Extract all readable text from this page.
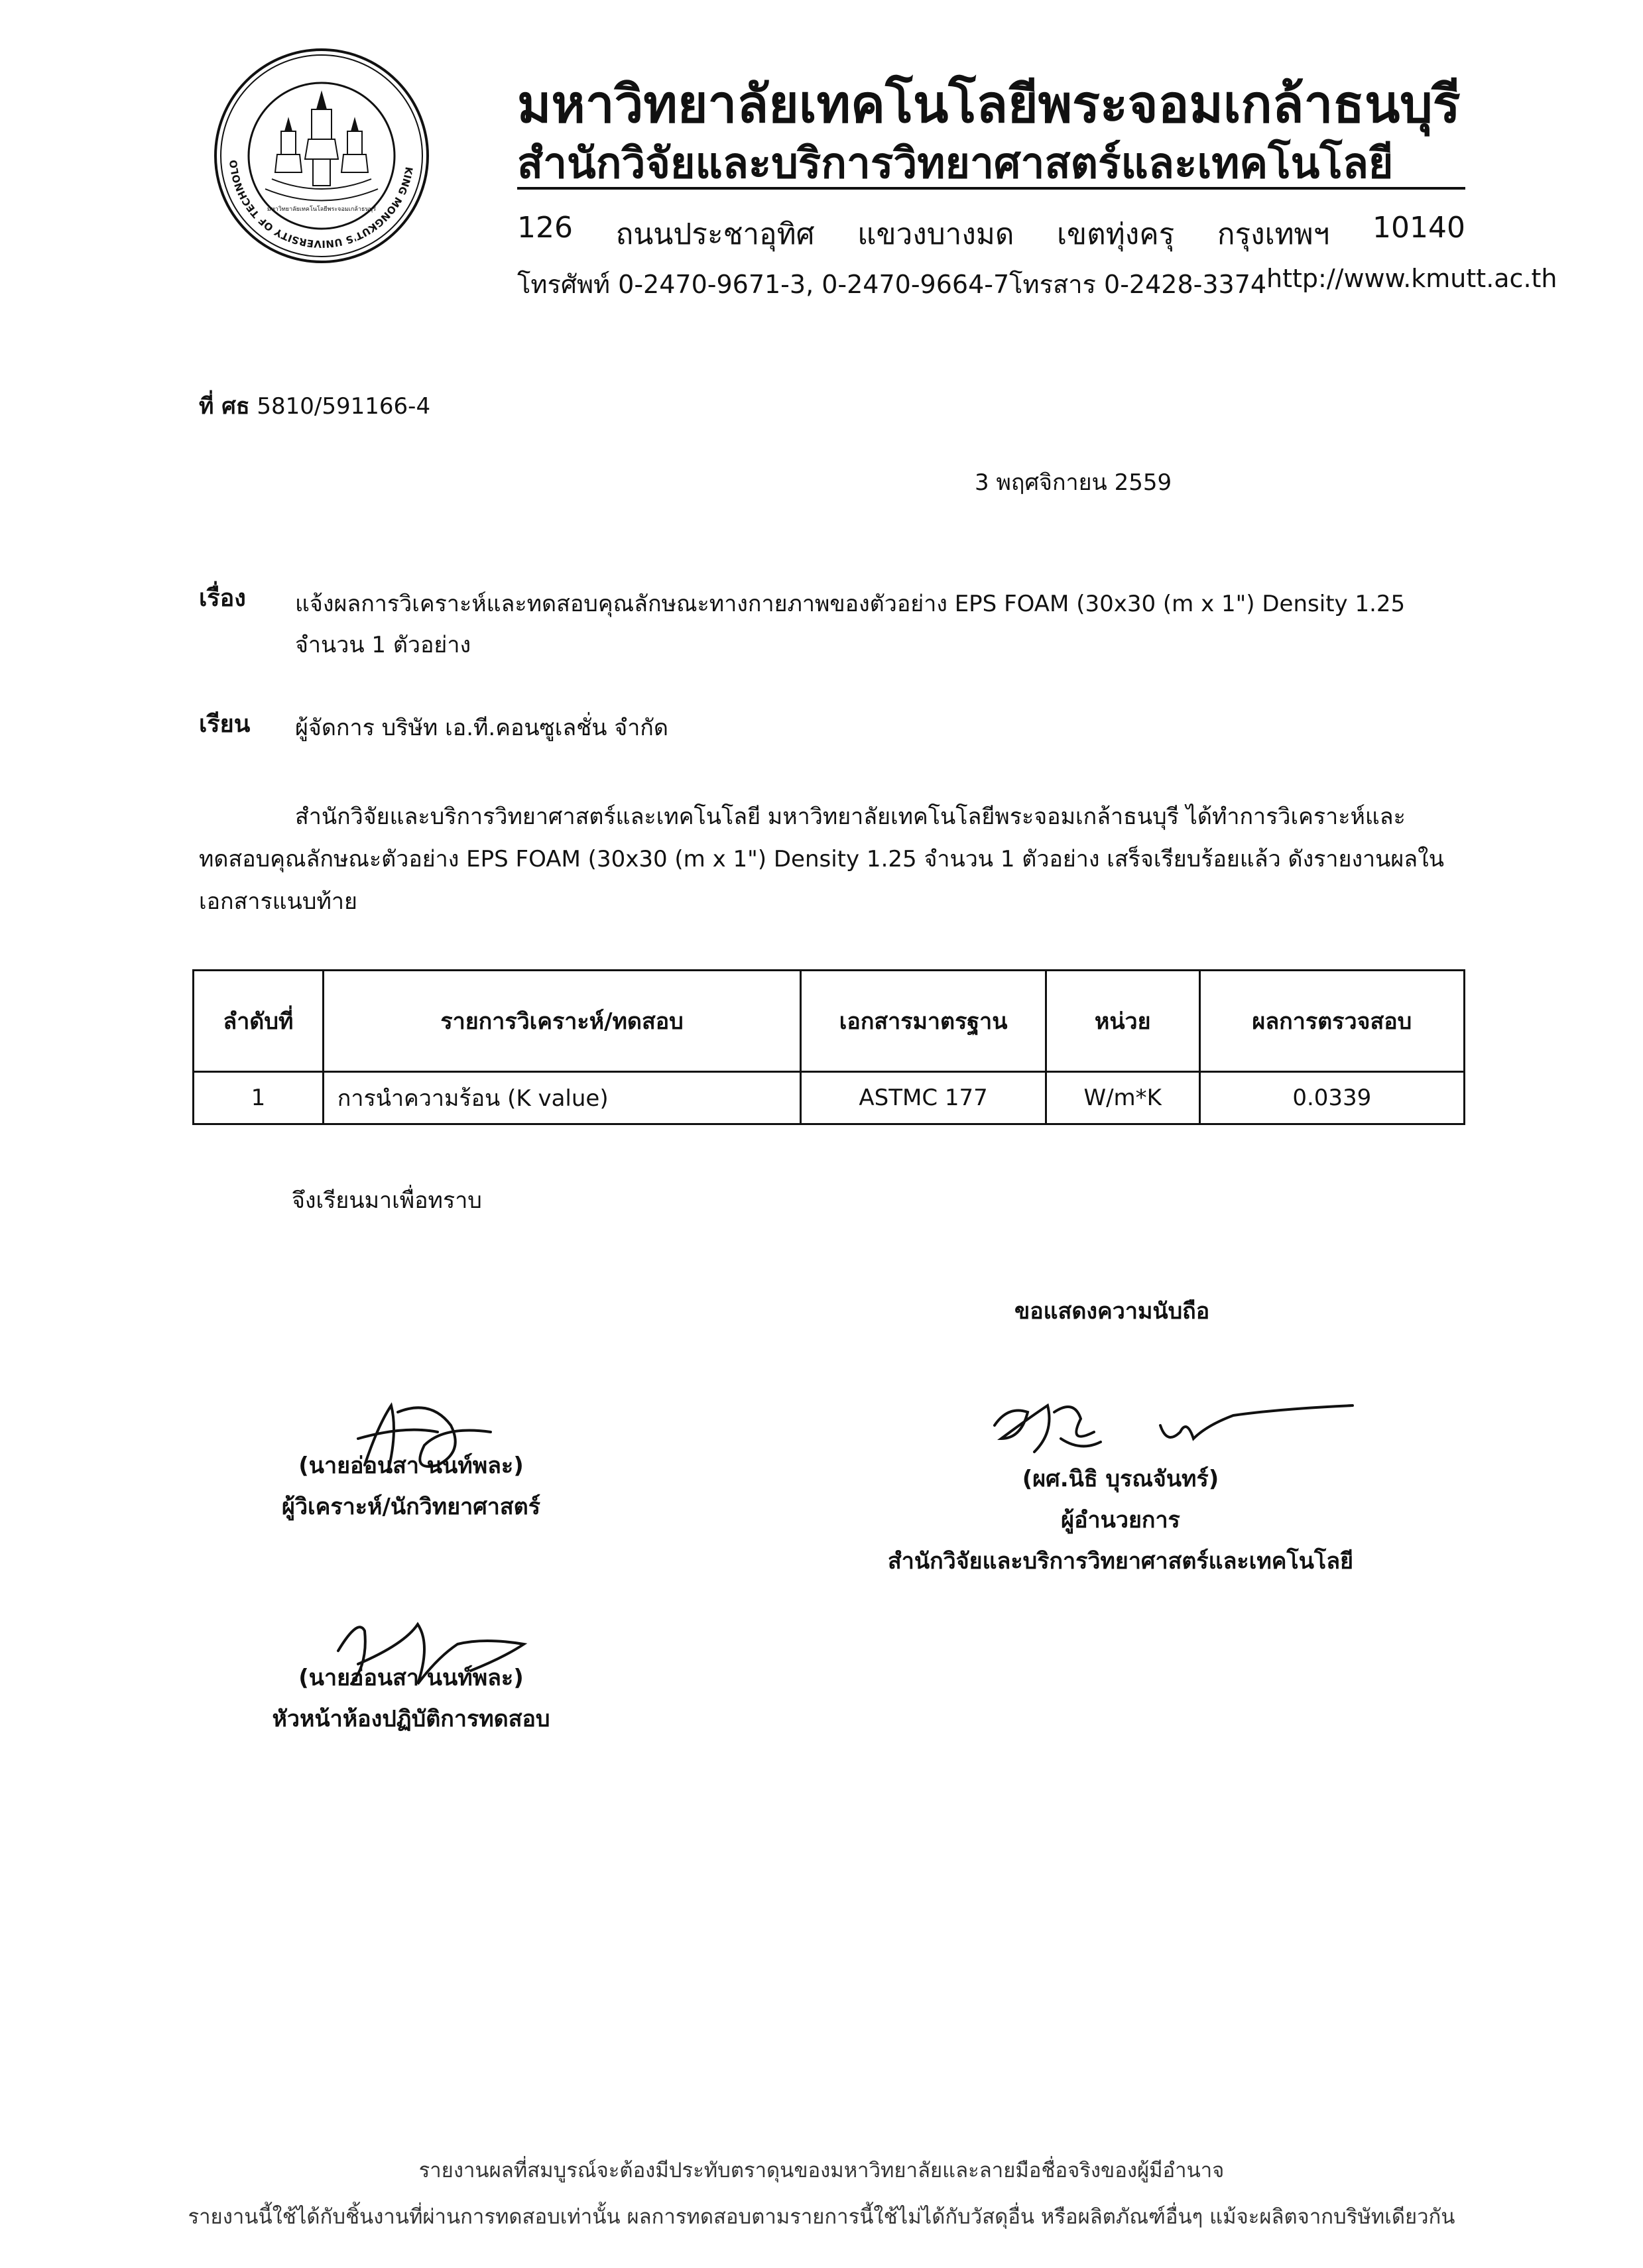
KING MONGKUT'S UNIVERSITY OF TECHNOLO
มหาวิทยาลัยเทคโนโลยีพระจอมเกล้าธนบุรี
มหาวิทยาลัยเทคโนโลยีพระจอมเกล้าธนบุรี
สำนักวิจัยและบริการวิทยาศาสตร์และเทคโนโลยี
126 ถนนประชาอุทิศ แขวงบางมด เขตทุ่งครุ กรุงเทพฯ 10140
โทรศัพท์ 0-2470-9671-3, 0-2470-9664-7 โทรสาร 0-2428-3374 http://www.kmutt.ac.th
ที่ ศธ 5810/591166-4
3 พฤศจิกายน 2559
เรื่อง แจ้งผลการวิเคราะห์และทดสอบคุณลักษณะทางกายภาพของตัวอย่าง EPS FOAM (30x30 (m x 1") Density 1.25
จำนวน 1 ตัวอย่าง
เรียน ผู้จัดการ บริษัท เอ.ที.คอนซูเลชั่น จำกัด
สำนักวิจัยและบริการวิทยาศาสตร์และเทคโนโลยี มหาวิทยาลัยเทคโนโลยีพระจอมเกล้าธนบุรี ได้ทำการวิเคราะห์และทดสอบคุณลักษณะตัวอย่าง EPS FOAM (30x30 (m x 1") Density 1.25 จำนวน 1 ตัวอย่าง เสร็จเรียบร้อยแล้ว ดังรายงานผลในเอกสารแนบท้าย
ลำดับที่	รายการวิเคราะห์/ทดสอบ	เอกสารมาตรฐาน	หน่วย	ผลการตรวจสอบ
1	การนำความร้อน (K value)	ASTMC 177	W/m*K	0.0339
จึงเรียนมาเพื่อทราบ
ขอแสดงความนับถือ
(นายอ่อนสา นนท์พละ)
ผู้วิเคราะห์/นักวิทยาศาสตร์
(ผศ.นิธิ บุรณจันทร์)
ผู้อำนวยการ
สำนักวิจัยและบริการวิทยาศาสตร์และเทคโนโลยี
(นายอ่อนสา นนท์พละ)
หัวหน้าห้องปฏิบัติการทดสอบ
รายงานผลที่สมบูรณ์จะต้องมีประทับตราดุนของมหาวิทยาลัยและลายมือชื่อจริงของผู้มีอำนาจ
รายงานนี้ใช้ได้กับชิ้นงานที่ผ่านการทดสอบเท่านั้น ผลการทดสอบตามรายการนี้ใช้ไม่ได้กับวัสดุอื่น หรือผลิตภัณฑ์อื่นๆ แม้จะผลิตจากบริษัทเดียวกัน
